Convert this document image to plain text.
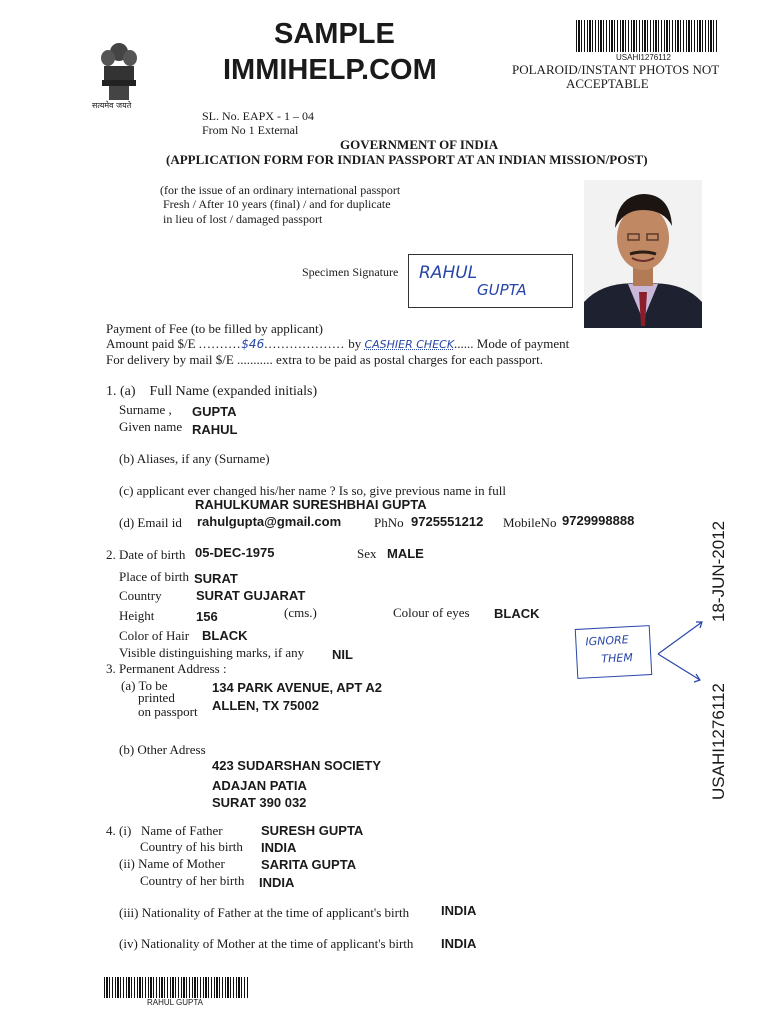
सत्यमेव जयते
SAMPLE
IMMIHELP.COM	USAHI1276112
POLAROID/INSTANT PHOTOS NOT
ACCEPTABLE
SL. No. EAPX - 1 – 04
From No 1 External
GOVERNMENT OF INDIA
(APPLICATION FORM FOR INDIAN PASSPORT AT AN INDIAN MISSION/POST)
(for the issue of an ordinary international passport
Fresh / After 10 years (final) / and for duplicate
in lieu of lost / damaged passport
Specimen Signature RAHUL
GUPTA
Payment of Fee (to be filled by applicant)
Amount paid $/E ..........$46................... by CASHIER CHECK...... Mode of payment
For delivery by mail $/E ........... extra to be paid as postal charges for each passport.
1. (a)    Full Name (expanded initials)
Surname , GUPTA
Given name RAHUL
(b) Aliases, if any (Surname)
(c) applicant ever changed his/her name ? Is so, give previous name in full
RAHULKUMAR SURESHBHAI GUPTA
(d) Email id rahulgupta@gmail.com	PhNo 9725551212 MobileNo 9729998888
2. Date of birth 05-DEC-1975	Sex MALE
Place of birth SURAT
Country	SURAT GUJARAT
Height	156	(cms.)	Colour of eyes BLACK
Color of Hair BLACK
Visible distinguishing marks, if any NIL
3. Permanent Address :
(a) To be
printed
on passport
134 PARK AVENUE, APT A2
ALLEN, TX 75002
(b) Other Adress
423 SUDARSHAN SOCIETY
ADAJAN PATIA
SURAT 390 032
4. (i)   Name of Father	SURESH GUPTA
Country of his birth INDIA
(ii) Name of Mother	SARITA GUPTA
Country of her birth INDIA
(iii) Nationality of Father at the time of applicant's birth INDIA
(iv) Nationality of Mother at the time of applicant's birth INDIA
18-JUN-2012
USAHI1276112
IGNORE
THEM
RAHUL GUPTA
